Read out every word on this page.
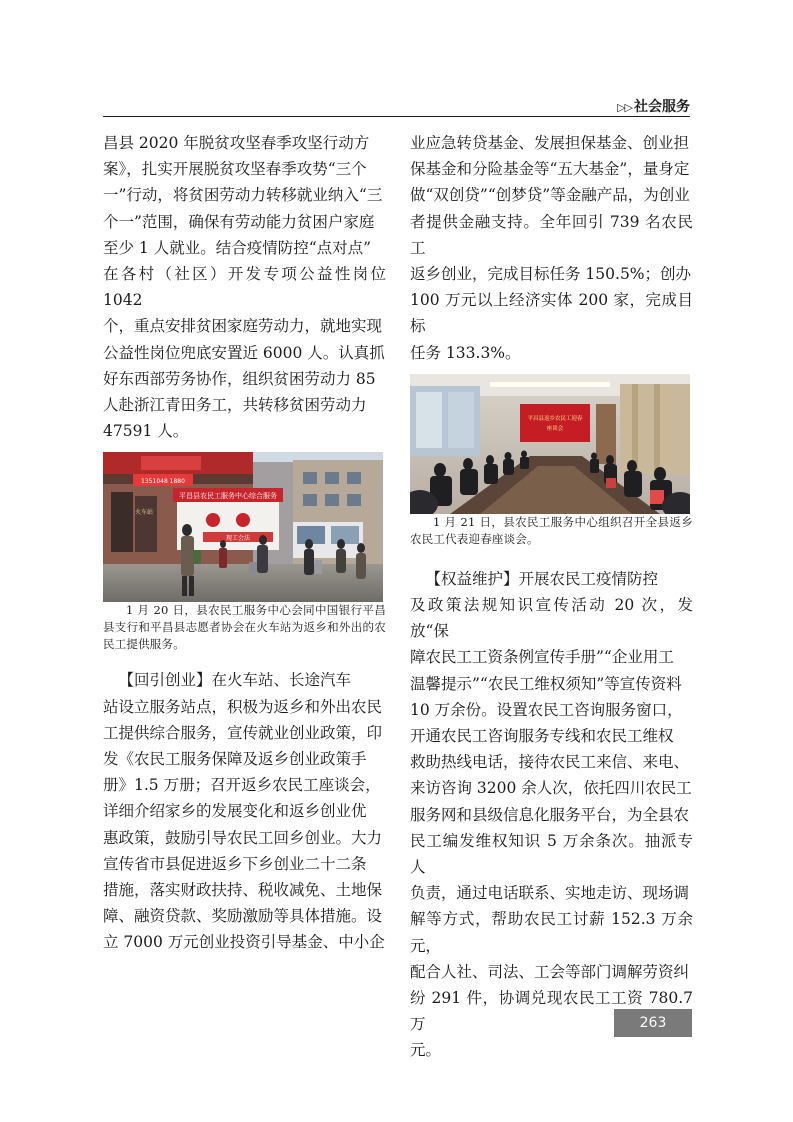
▷▷ 社会服务

昌县 2020 年脱贫攻坚春季攻坚行动方
案》，扎实开展脱贫攻坚春季攻势“三个
一”行动，将贫困劳动力转移就业纳入“三
个一”范围，确保有劳动能力贫困户家庭
至少 1 人就业。结合疫情防控“点对点”
在各村（社区）开发专项公益性岗位 1042
个，重点安排贫困家庭劳动力，就地实现
公益性岗位兜底安置近 6000 人。认真抓
好东西部劳务协作，组织贫困劳动力 85
人赴浙江青田务工，共转移贫困劳动力
47591 人。

平昌县农民工服务中心综合服务
现工会法
1351048 1880
火车站

1 月 20 日，县农民工服务中心会同中国银行平昌县支行和平昌县志愿者协会在火车站为返乡和外出的农民工提供服务。

【回引创业】在火车站、长途汽车
站设立服务站点，积极为返乡和外出农民
工提供综合服务，宣传就业创业政策，印
发《农民工服务保障及返乡创业政策手
册》1.5 万册；召开返乡农民工座谈会，
详细介绍家乡的发展变化和返乡创业优
惠政策，鼓励引导农民工回乡创业。大力
宣传省市县促进返乡下乡创业二十二条
措施，落实财政扶持、税收减免、土地保
障、融资贷款、奖励激励等具体措施。设
立 7000 万元创业投资引导基金、中小企

业应急转贷基金、发展担保基金、创业担
保基金和分险基金等“五大基金”，量身定
做“双创贷”“创梦贷”等金融产品，为创业
者提供金融支持。全年回引 739 名农民工
返乡创业，完成目标任务 150.5%；创办
100 万元以上经济实体 200 家，完成目标
任务 133.3%。

平昌县返乡农民工迎春
座谈会

1 月 21 日，县农民工服务中心组织召开全县返乡农民工代表迎春座谈会。

【权益维护】开展农民工疫情防控
及政策法规知识宣传活动 20 次，发放“保
障农民工工资条例宣传手册”“企业用工
温馨提示”“农民工维权须知”等宣传资料
10 万余份。设置农民工咨询服务窗口，
开通农民工咨询服务专线和农民工维权
救助热线电话，接待农民工来信、来电、
来访咨询 3200 余人次，依托四川农民工
服务网和县级信息化服务平台，为全县农
民工编发维权知识 5 万余条次。抽派专人
负责，通过电话联系、实地走访、现场调
解等方式，帮助农民工讨薪 152.3 万余元，
配合人社、司法、工会等部门调解劳资纠
纷 291 件，协调兑现农民工工资 780.7 万
元。

263
